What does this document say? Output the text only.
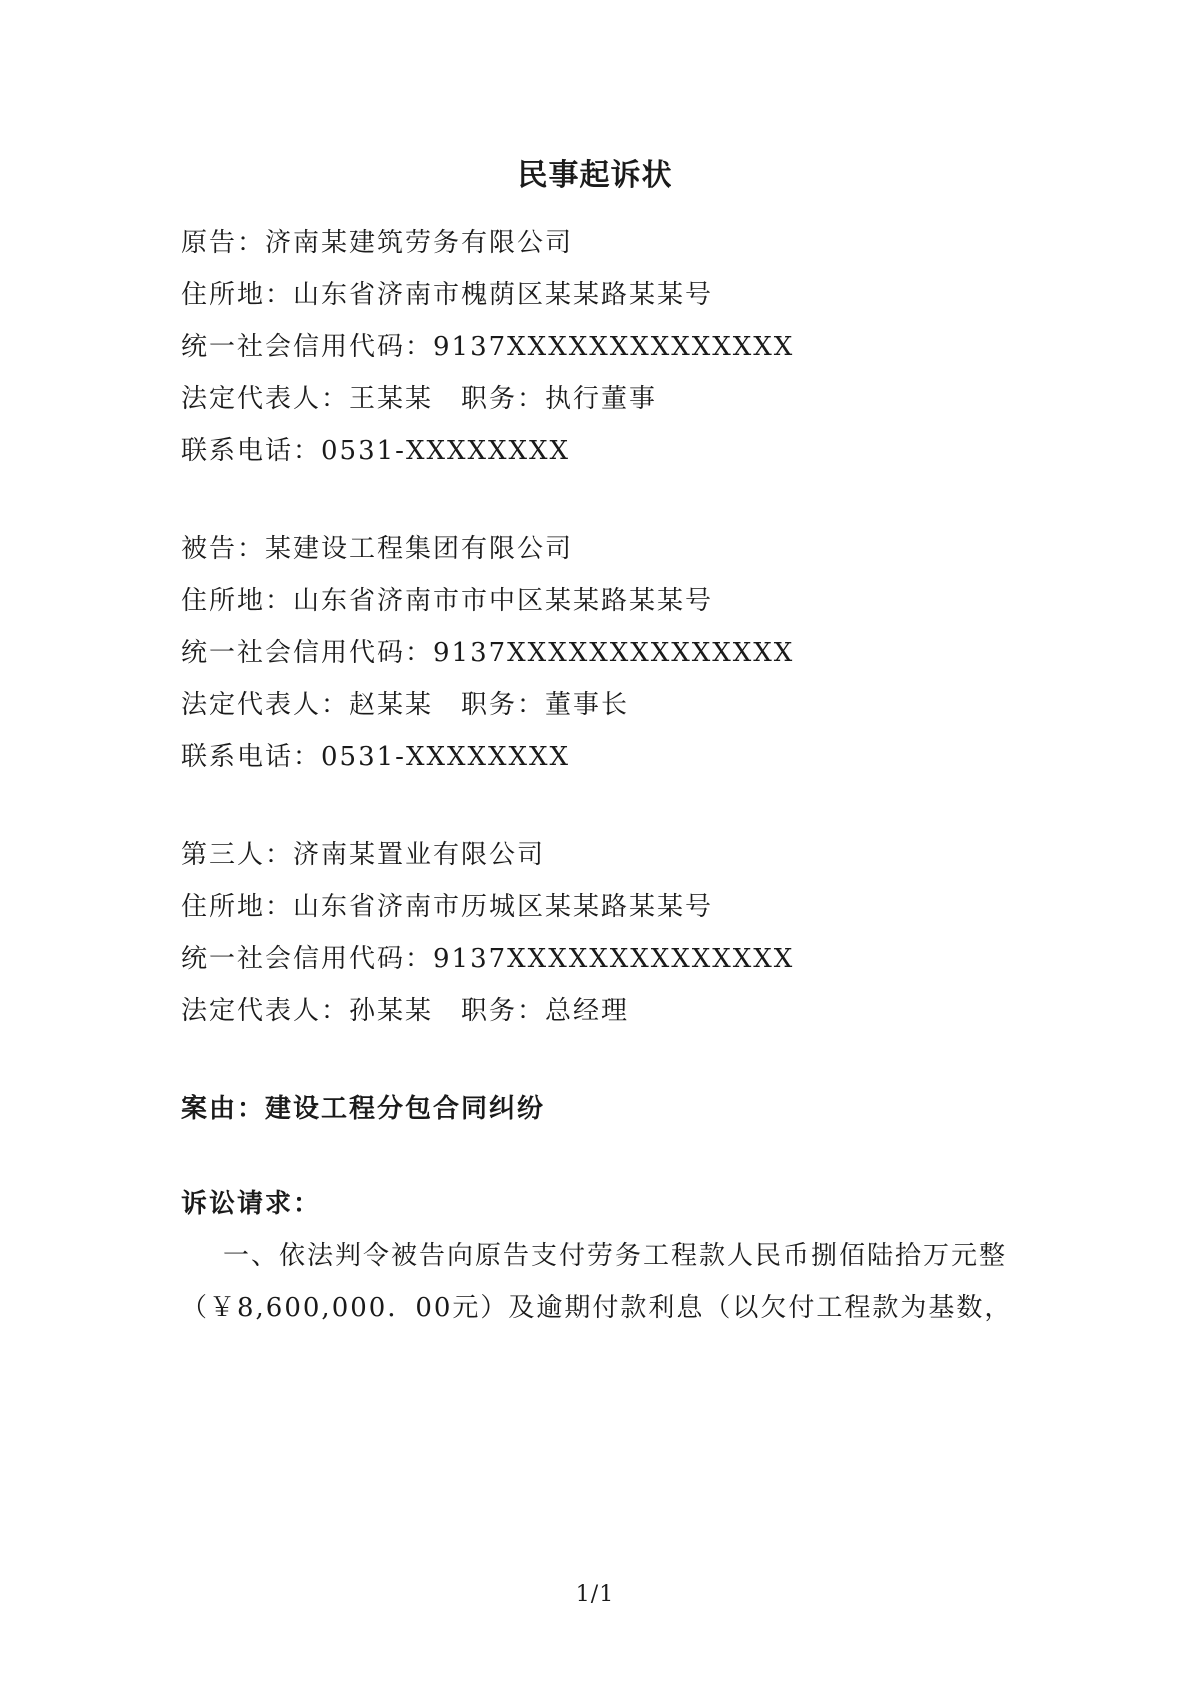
民事起诉状
原告：济南某建筑劳务有限公司
住所地：山东省济南市槐荫区某某路某某号
统一社会信用代码：9137XXXXXXXXXXXXXX
法定代表人：王某某 职务：执行董事
联系电话：0531-XXXXXXXX
被告：某建设工程集团有限公司
住所地：山东省济南市市中区某某路某某号
统一社会信用代码：9137XXXXXXXXXXXXXX
法定代表人：赵某某 职务：董事长
联系电话：0531-XXXXXXXX
第三人：济南某置业有限公司
住所地：山东省济南市历城区某某路某某号
统一社会信用代码：9137XXXXXXXXXXXXXX
法定代表人：孙某某 职务：总经理
案由：建设工程分包合同纠纷
诉讼请求：
一、依法判令被告向原告支付劳务工程款人民币捌佰陆拾万元整
（￥8,600,000．00元）及逾期付款利息（以欠付工程款为基数，
1/1
